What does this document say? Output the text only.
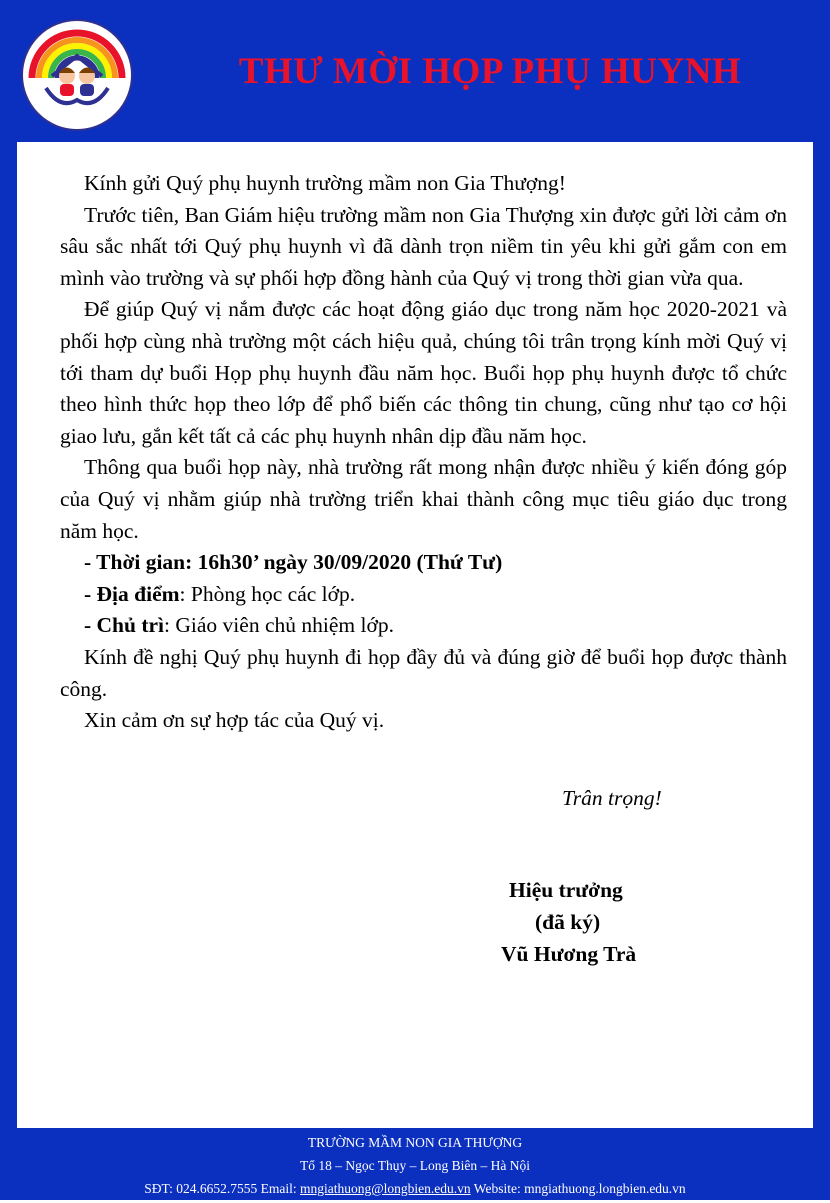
THƯ MỜI HỌP PHỤ HUYNH

Kính gửi Quý phụ huynh trường mầm non Gia Thượng!

Trước tiên, Ban Giám hiệu trường mầm non Gia Thượng xin được gửi lời cảm ơn sâu sắc nhất tới Quý phụ huynh vì đã dành trọn niềm tin yêu khi gửi gắm con em mình vào trường và sự phối hợp đồng hành của Quý vị trong thời gian vừa qua.

Để giúp Quý vị nắm được các hoạt động giáo dục trong năm học 2020-2021 và phối hợp cùng nhà trường một cách hiệu quả, chúng tôi trân trọng kính mời Quý vị tới tham dự buổi Họp phụ huynh đầu năm học. Buổi họp phụ huynh được tổ chức theo hình thức họp theo lớp để phổ biến các thông tin chung, cũng như tạo cơ hội giao lưu, gắn kết tất cả các phụ huynh nhân dịp đầu năm học.

Thông qua buổi họp này, nhà trường rất mong nhận được nhiều ý kiến đóng góp của Quý vị nhằm giúp nhà trường triển khai thành công mục tiêu giáo dục trong năm học.

- Thời gian: 16h30’ ngày 30/09/2020 (Thứ Tư)

- Địa điểm: Phòng học các lớp.

- Chủ trì: Giáo viên chủ nhiệm lớp.

Kính đề nghị Quý phụ huynh đi họp đầy đủ và đúng giờ để buổi họp được thành công.

Xin cảm ơn sự hợp tác của Quý vị.

Trân trọng!
Hiệu trưởng
(đã ký)
Vũ Hương Trà
TRƯỜNG MẦM NON GIA THƯỢNG
Tổ 18 – Ngọc Thụy – Long Biên – Hà Nội
SĐT: 024.6652.7555 Email: mngiathuong@longbien.edu.vn Website: mngiathuong.longbien.edu.vn
